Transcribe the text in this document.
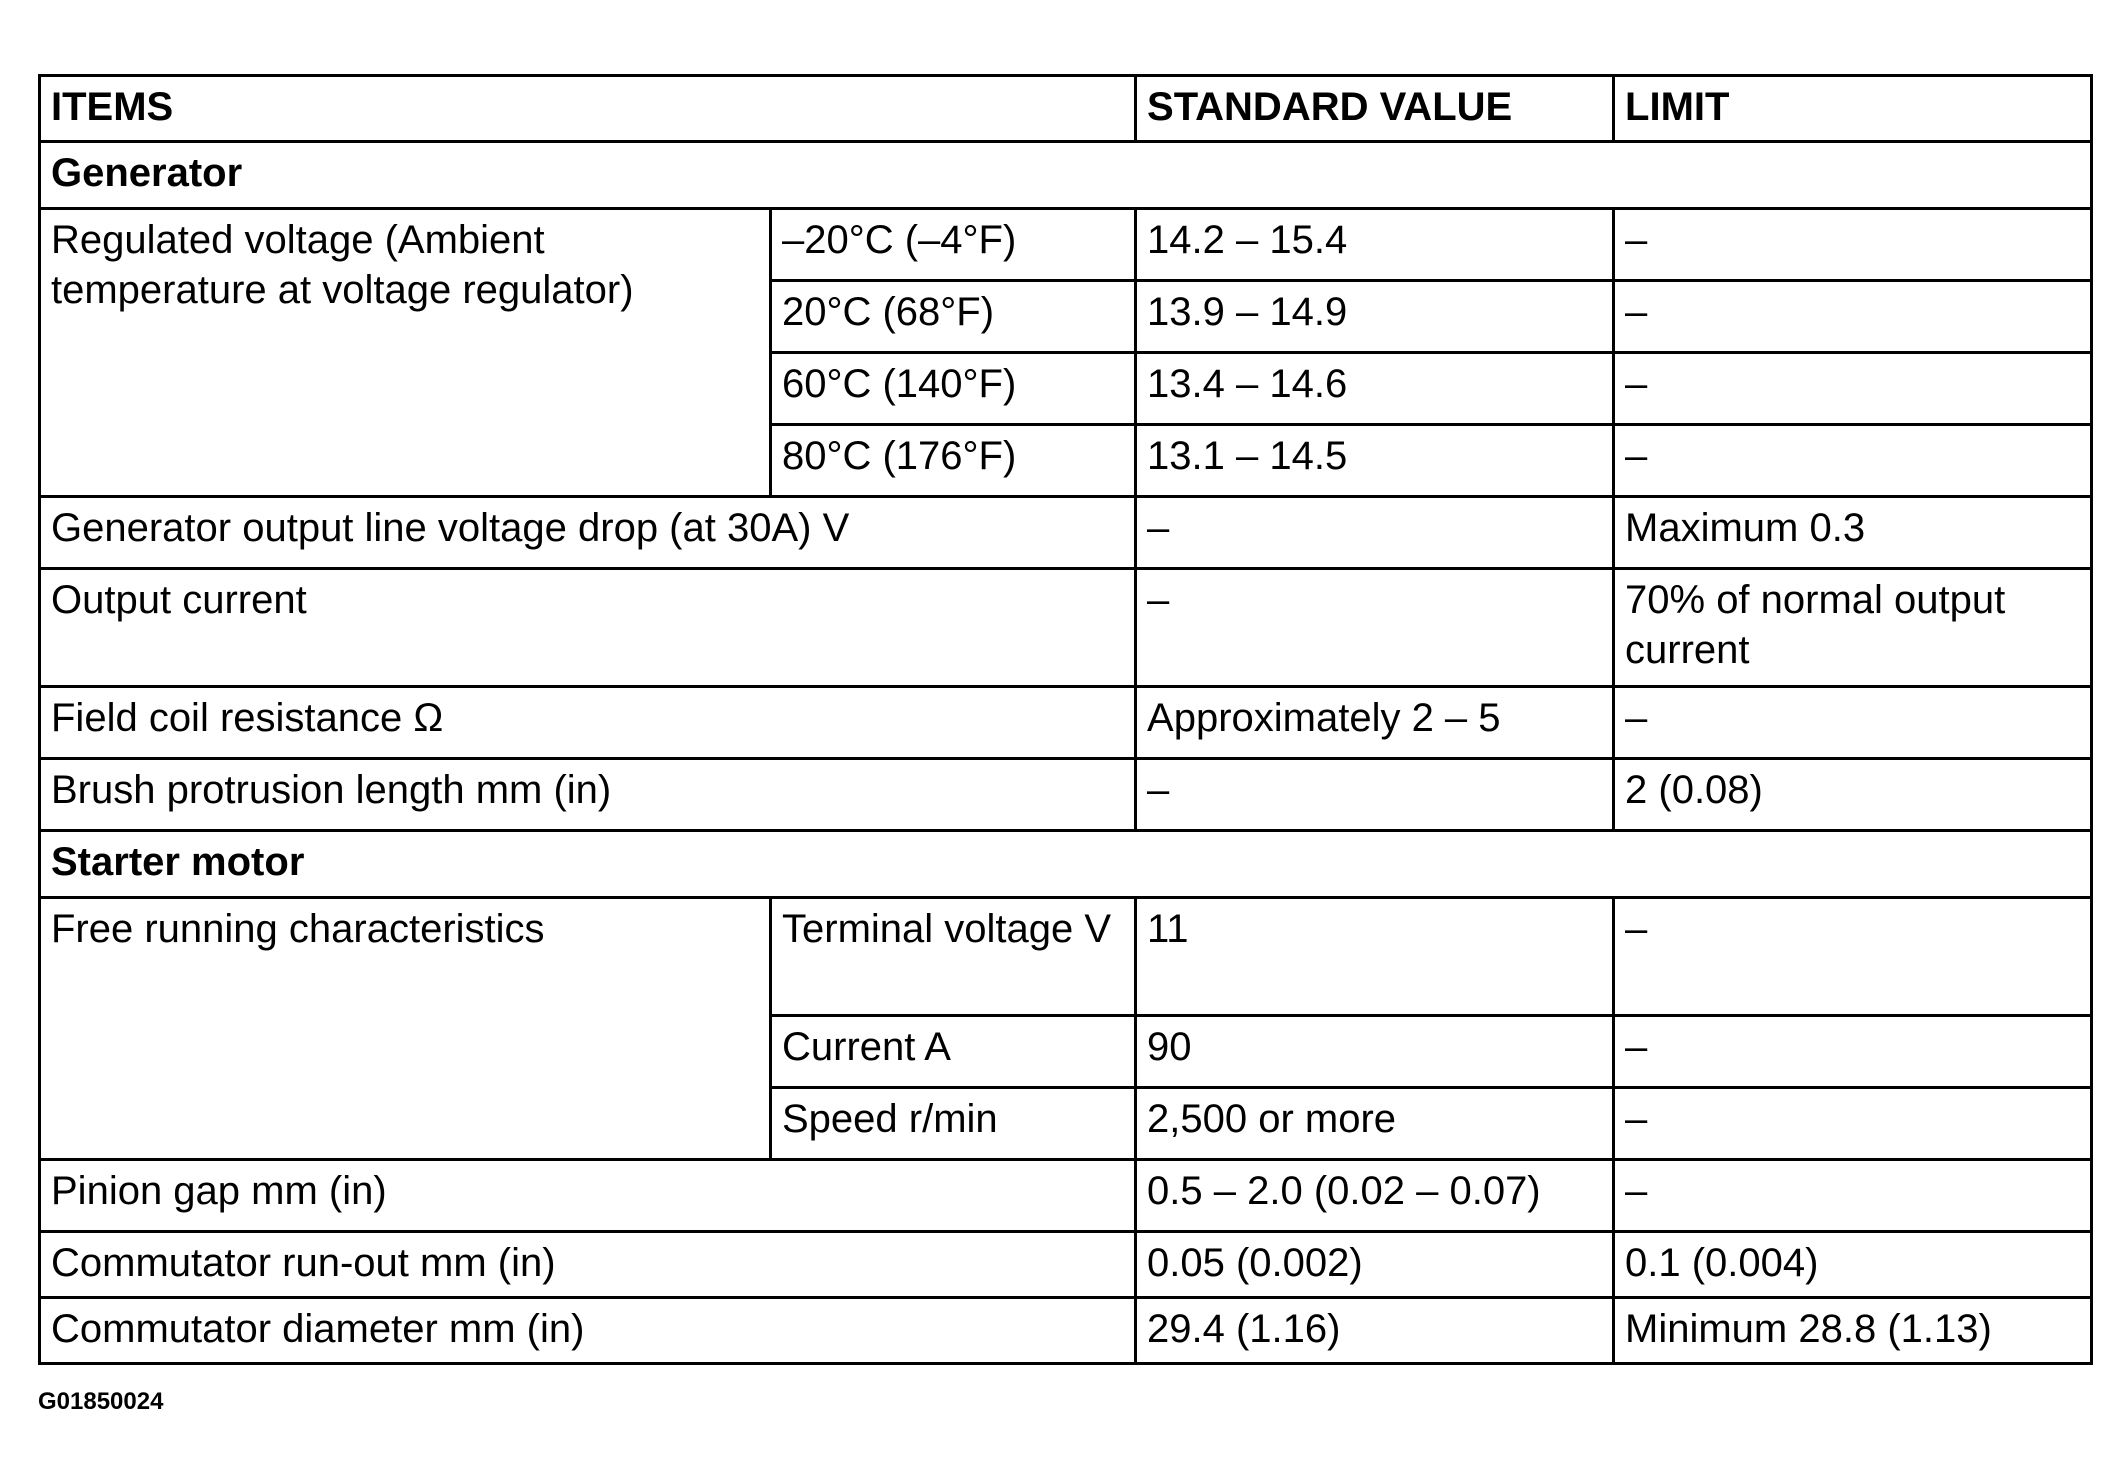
ITEMS		STANDARD VALUE	LIMIT
Generator			
Regulated voltage (Ambient temperature at voltage regulator)	–20°C (–4°F)	14.2 – 15.4	–
	20°C (68°F)	13.9 – 14.9	–
	60°C (140°F)	13.4 – 14.6	–
	80°C (176°F)	13.1 – 14.5	–
Generator output line voltage drop (at 30A) V		–	Maximum 0.3
Output current		–	70% of normal output current
Field coil resistance Ω		Approximately 2 – 5	–
Brush protrusion length mm (in)		–	2 (0.08)
Starter motor			
Free running characteristics	Terminal voltage V	11	–
	Current A	90	–
	Speed r/min	2,500 or more	–
Pinion gap mm (in)		0.5 – 2.0 (0.02 – 0.07)	–
Commutator run-out mm (in)		0.05 (0.002)	0.1 (0.004)
Commutator diameter mm (in)		29.4 (1.16)	Minimum 28.8 (1.13)
G01850024
